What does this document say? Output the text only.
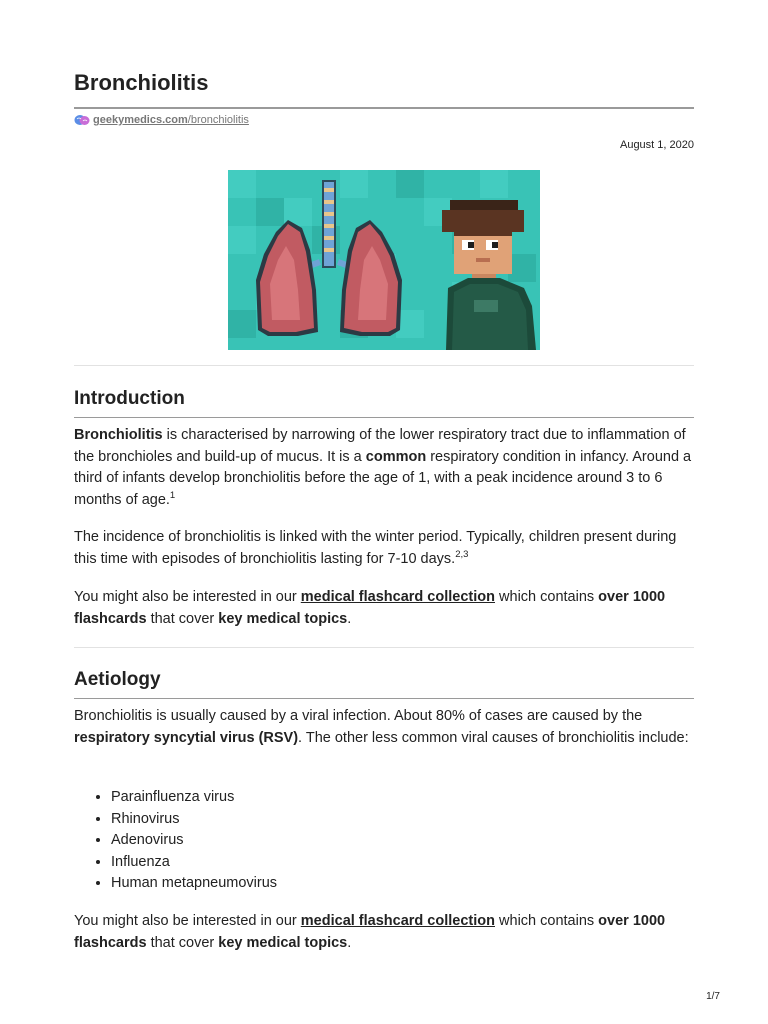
Bronchiolitis
geekymedics.com/bronchiolitis
August 1, 2020
Introduction

Bronchiolitis is characterised by narrowing of the lower respiratory tract due to inflammation of the bronchioles and build-up of mucus. It is a common respiratory condition in infancy. Around a third of infants develop bronchiolitis before the age of 1, with a peak incidence around 3 to 6 months of age.$^1$

The incidence of bronchiolitis is linked with the winter period. Typically, children present during this time with episodes of bronchiolitis lasting for 7-10 days.$^{2,3}$

You might also be interested in our medical flashcard collection which contains over 1000 flashcards that cover key medical topics.

Aetiology

Bronchiolitis is usually caused by a viral infection. About 80% of cases are caused by the respiratory syncytial virus (RSV). The other less common viral causes of bronchiolitis include:

• Parainfluenza virus
• Rhinovirus
• Adenovirus
• Influenza
• Human metapneumovirus

You might also be interested in our medical flashcard collection which contains over 1000 flashcards that cover key medical topics.

1/7
